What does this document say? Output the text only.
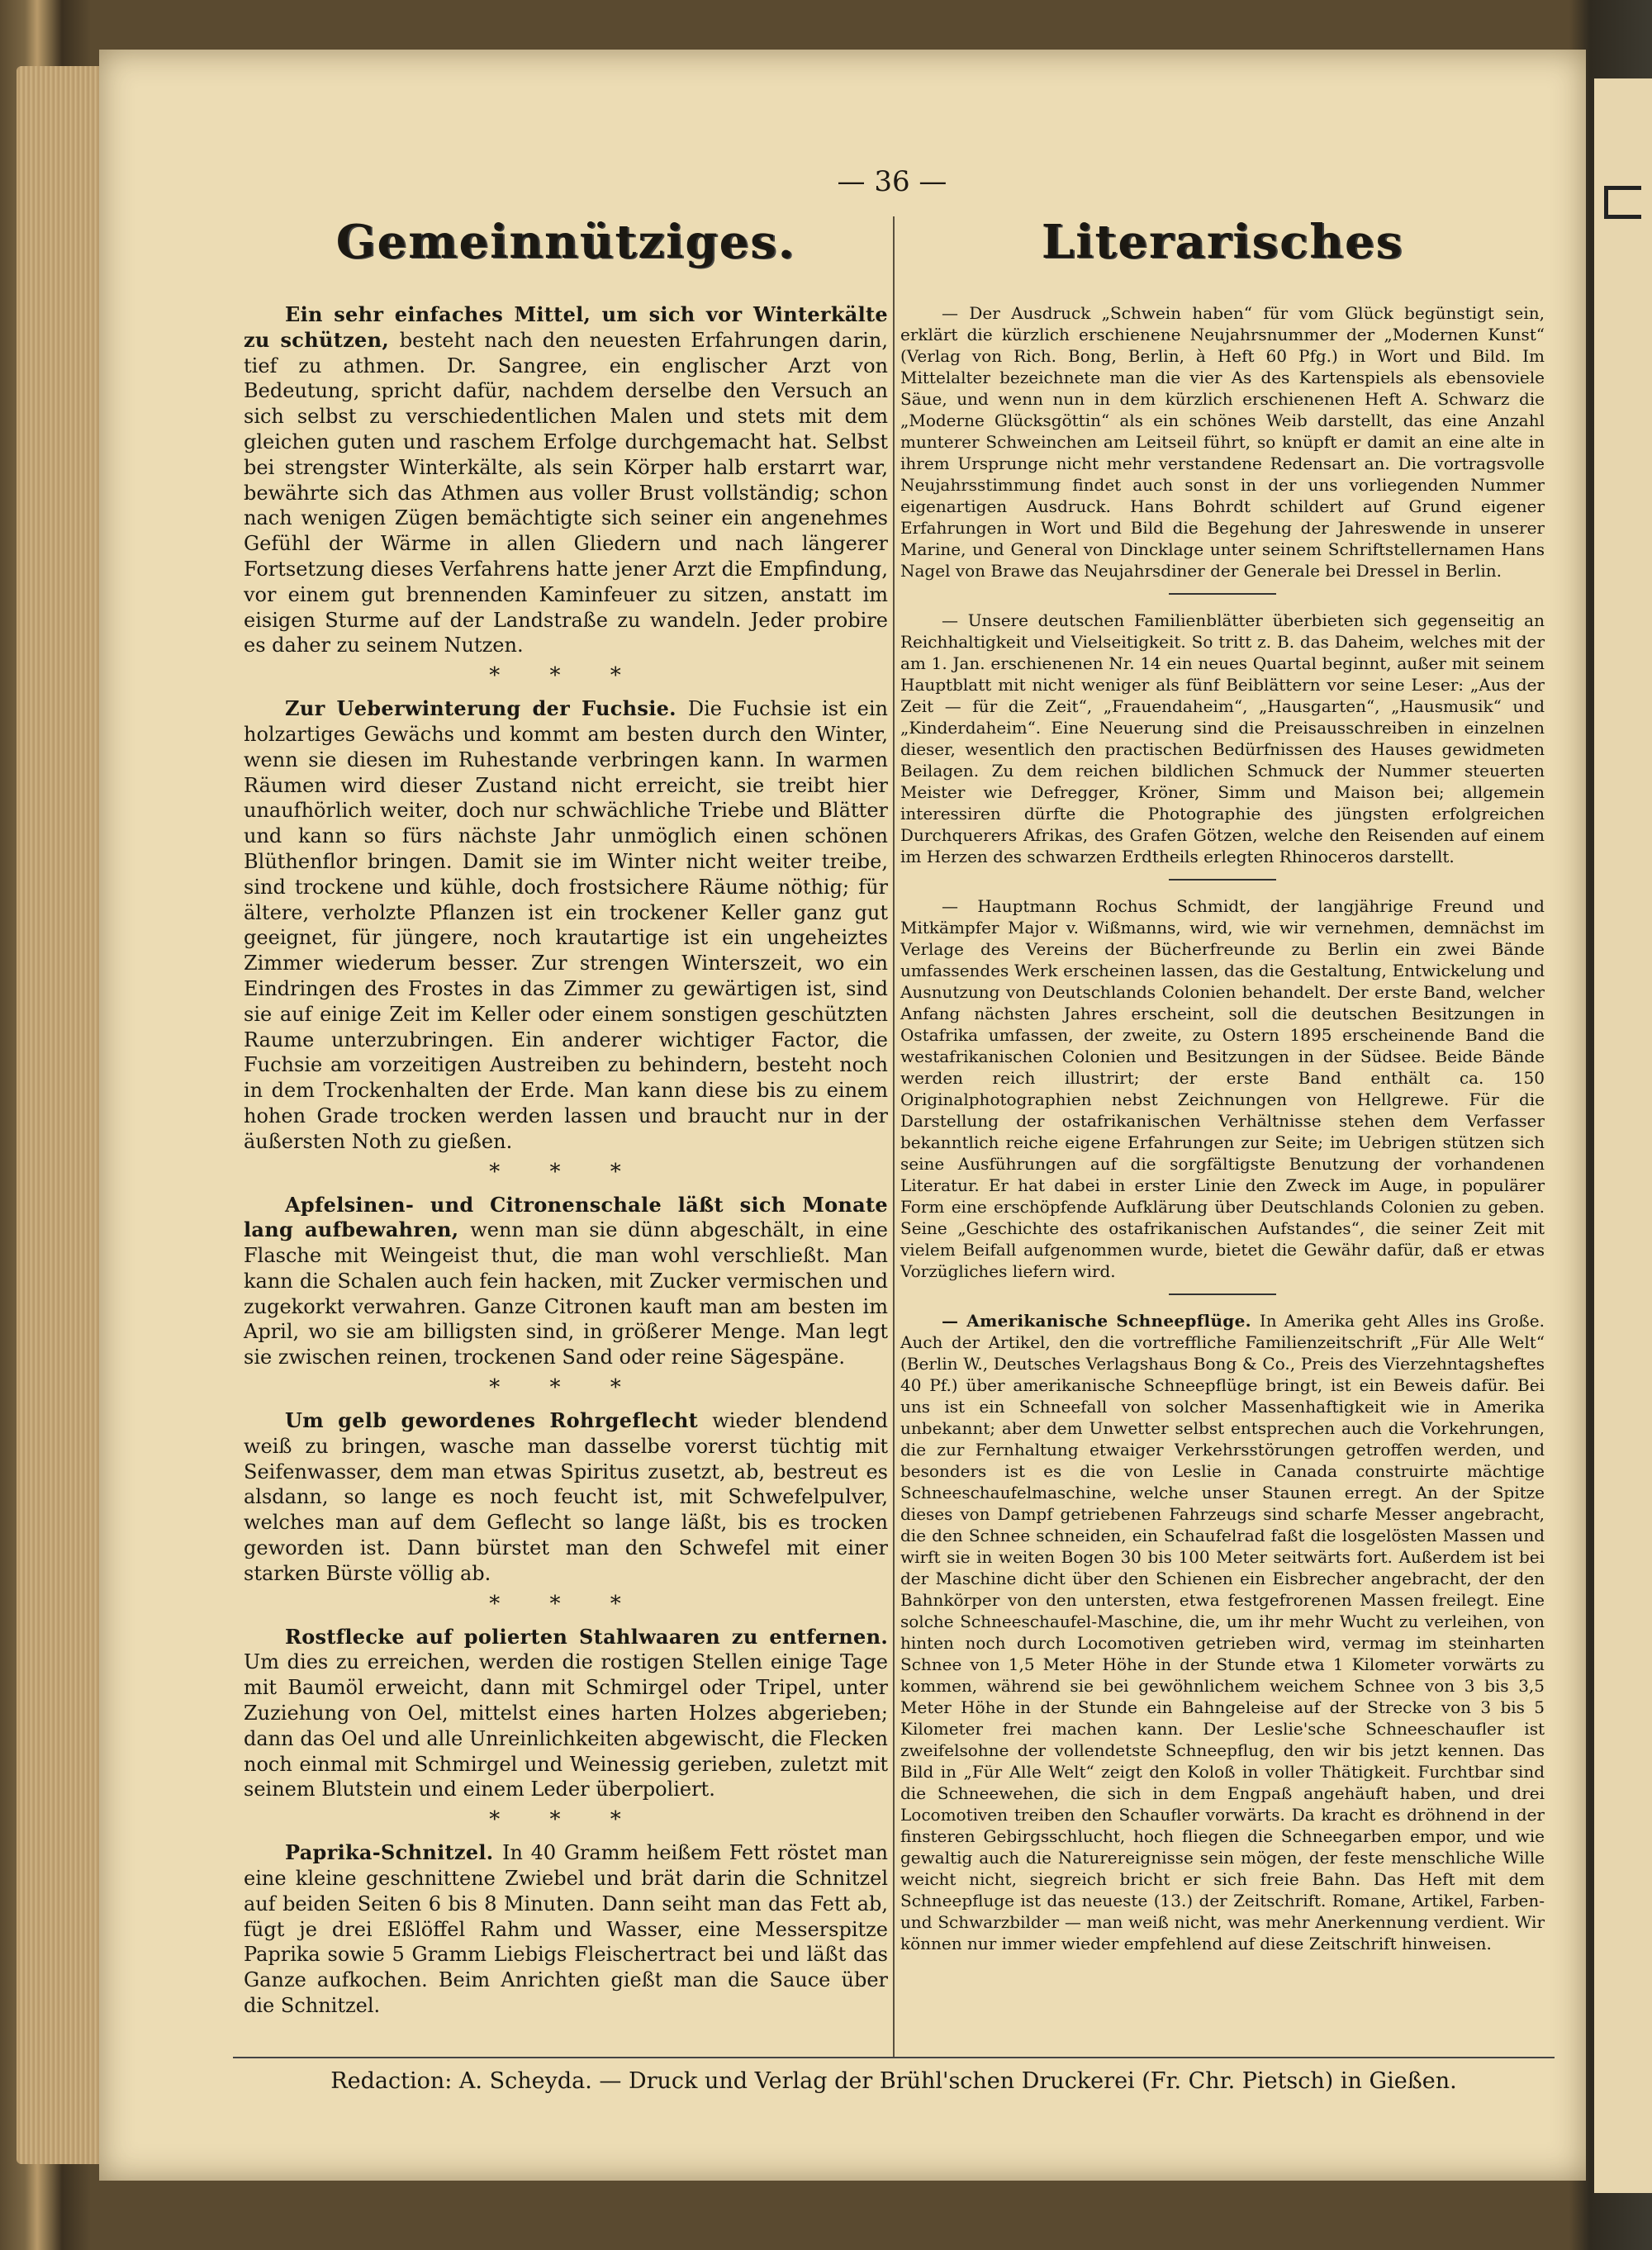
— 36 —
Gemeinnütziges.

Ein sehr einfaches Mittel, um sich vor Winterkälte zu schützen, besteht nach den neuesten Erfahrungen darin, tief zu athmen. Dr. Sangree, ein englischer Arzt von Bedeutung, spricht dafür, nachdem derselbe den Versuch an sich selbst zu verschiedentlichen Malen und stets mit dem gleichen guten und raschem Erfolge durchgemacht hat. Selbst bei strengster Winterkälte, als sein Körper halb erstarrt war, bewährte sich das Athmen aus voller Brust vollständig; schon nach wenigen Zügen bemächtigte sich seiner ein angenehmes Gefühl der Wärme in allen Gliedern und nach längerer Fortsetzung dieses Verfahrens hatte jener Arzt die Empfindung, vor einem gut brennenden Kaminfeuer zu sitzen, anstatt im eisigen Sturme auf der Landstraße zu wandeln. Jeder probire es daher zu seinem Nutzen.

* * *

Zur Ueberwinterung der Fuchsie. Die Fuchsie ist ein holzartiges Gewächs und kommt am besten durch den Winter, wenn sie diesen im Ruhestande verbringen kann. In warmen Räumen wird dieser Zustand nicht erreicht, sie treibt hier unaufhörlich weiter, doch nur schwächliche Triebe und Blätter und kann so fürs nächste Jahr unmöglich einen schönen Blüthenflor bringen. Damit sie im Winter nicht weiter treibe, sind trockene und kühle, doch frostsichere Räume nöthig; für ältere, verholzte Pflanzen ist ein trockener Keller ganz gut geeignet, für jüngere, noch krautartige ist ein ungeheiztes Zimmer wiederum besser. Zur strengen Winterszeit, wo ein Eindringen des Frostes in das Zimmer zu gewärtigen ist, sind sie auf einige Zeit im Keller oder einem sonstigen geschützten Raume unterzubringen. Ein anderer wichtiger Factor, die Fuchsie am vorzeitigen Austreiben zu behindern, besteht noch in dem Trockenhalten der Erde. Man kann diese bis zu einem hohen Grade trocken werden lassen und braucht nur in der äußersten Noth zu gießen.

* * *

Apfelsinen- und Citronenschale läßt sich Monate lang aufbewahren, wenn man sie dünn abgeschält, in eine Flasche mit Weingeist thut, die man wohl verschließt. Man kann die Schalen auch fein hacken, mit Zucker vermischen und zugekorkt verwahren. Ganze Citronen kauft man am besten im April, wo sie am billigsten sind, in größerer Menge. Man legt sie zwischen reinen, trockenen Sand oder reine Sägespäne.

* * *

Um gelb gewordenes Rohrgeflecht wieder blendend weiß zu bringen, wasche man dasselbe vorerst tüchtig mit Seifenwasser, dem man etwas Spiritus zusetzt, ab, bestreut es alsdann, so lange es noch feucht ist, mit Schwefelpulver, welches man auf dem Geflecht so lange läßt, bis es trocken geworden ist. Dann bürstet man den Schwefel mit einer starken Bürste völlig ab.

* * *

Rostflecke auf polierten Stahlwaaren zu entfernen. Um dies zu erreichen, werden die rostigen Stellen einige Tage mit Baumöl erweicht, dann mit Schmirgel oder Tripel, unter Zuziehung von Oel, mittelst eines harten Holzes abgerieben; dann das Oel und alle Unreinlichkeiten abgewischt, die Flecken noch einmal mit Schmirgel und Weinessig gerieben, zuletzt mit seinem Blutstein und einem Leder überpoliert.

* * *

Paprika-Schnitzel. In 40 Gramm heißem Fett röstet man eine kleine geschnittene Zwiebel und brät darin die Schnitzel auf beiden Seiten 6 bis 8 Minuten. Dann seiht man das Fett ab, fügt je drei Eßlöffel Rahm und Wasser, eine Messerspitze Paprika sowie 5 Gramm Liebigs Fleischertract bei und läßt das Ganze aufkochen. Beim Anrichten gießt man die Sauce über die Schnitzel.

Literarisches

— Der Ausdruck „Schwein haben“ für vom Glück begünstigt sein, erklärt die kürzlich erschienene Neujahrsnummer der „Modernen Kunst“ (Verlag von Rich. Bong, Berlin, à Heft 60 Pfg.) in Wort und Bild. Im Mittelalter bezeichnete man die vier As des Kartenspiels als ebensoviele Säue, und wenn nun in dem kürzlich erschienenen Heft A. Schwarz die „Moderne Glücksgöttin“ als ein schönes Weib darstellt, das eine Anzahl munterer Schweinchen am Leitseil führt, so knüpft er damit an eine alte in ihrem Ursprunge nicht mehr verstandene Redensart an. Die vortragsvolle Neujahrsstimmung findet auch sonst in der uns vorliegenden Nummer eigenartigen Ausdruck. Hans Bohrdt schildert auf Grund eigener Erfahrungen in Wort und Bild die Begehung der Jahreswende in unserer Marine, und General von Dincklage unter seinem Schriftstellernamen Hans Nagel von Brawe das Neujahrsdiner der Generale bei Dressel in Berlin.

— Unsere deutschen Familienblätter überbieten sich gegenseitig an Reichhaltigkeit und Vielseitigkeit. So tritt z. B. das Daheim, welches mit der am 1. Jan. erschienenen Nr. 14 ein neues Quartal beginnt, außer mit seinem Hauptblatt mit nicht weniger als fünf Beiblättern vor seine Leser: „Aus der Zeit — für die Zeit“, „Frauendaheim“, „Hausgarten“, „Hausmusik“ und „Kinderdaheim“. Eine Neuerung sind die Preisausschreiben in einzelnen dieser, wesentlich den practischen Bedürfnissen des Hauses gewidmeten Beilagen. Zu dem reichen bildlichen Schmuck der Nummer steuerten Meister wie Defregger, Kröner, Simm und Maison bei; allgemein interessiren dürfte die Photographie des jüngsten erfolgreichen Durchquerers Afrikas, des Grafen Götzen, welche den Reisenden auf einem im Herzen des schwarzen Erdtheils erlegten Rhinoceros darstellt.

— Hauptmann Rochus Schmidt, der langjährige Freund und Mitkämpfer Major v. Wißmanns, wird, wie wir vernehmen, demnächst im Verlage des Vereins der Bücherfreunde zu Berlin ein zwei Bände umfassendes Werk erscheinen lassen, das die Gestaltung, Entwickelung und Ausnutzung von Deutschlands Colonien behandelt. Der erste Band, welcher Anfang nächsten Jahres erscheint, soll die deutschen Besitzungen in Ostafrika umfassen, der zweite, zu Ostern 1895 erscheinende Band die westafrikanischen Colonien und Besitzungen in der Südsee. Beide Bände werden reich illustrirt; der erste Band enthält ca. 150 Originalphotographien nebst Zeichnungen von Hellgrewe. Für die Darstellung der ostafrikanischen Verhältnisse stehen dem Verfasser bekanntlich reiche eigene Erfahrungen zur Seite; im Uebrigen stützen sich seine Ausführungen auf die sorgfältigste Benutzung der vorhandenen Literatur. Er hat dabei in erster Linie den Zweck im Auge, in populärer Form eine erschöpfende Aufklärung über Deutschlands Colonien zu geben. Seine „Geschichte des ostafrikanischen Aufstandes“, die seiner Zeit mit vielem Beifall aufgenommen wurde, bietet die Gewähr dafür, daß er etwas Vorzügliches liefern wird.

— Amerikanische Schneepflüge. In Amerika geht Alles ins Große. Auch der Artikel, den die vortreffliche Familienzeitschrift „Für Alle Welt“ (Berlin W., Deutsches Verlagshaus Bong & Co., Preis des Vierzehntagsheftes 40 Pf.) über amerikanische Schneepflüge bringt, ist ein Beweis dafür. Bei uns ist ein Schneefall von solcher Massenhaftigkeit wie in Amerika unbekannt; aber dem Unwetter selbst entsprechen auch die Vorkehrungen, die zur Fernhaltung etwaiger Verkehrsstörungen getroffen werden, und besonders ist es die von Leslie in Canada construirte mächtige Schneeschaufelmaschine, welche unser Staunen erregt. An der Spitze dieses von Dampf getriebenen Fahrzeugs sind scharfe Messer angebracht, die den Schnee schneiden, ein Schaufelrad faßt die losgelösten Massen und wirft sie in weiten Bogen 30 bis 100 Meter seitwärts fort. Außerdem ist bei der Maschine dicht über den Schienen ein Eisbrecher angebracht, der den Bahnkörper von den untersten, etwa festgefrorenen Massen freilegt. Eine solche Schneeschaufel-Maschine, die, um ihr mehr Wucht zu verleihen, von hinten noch durch Locomotiven getrieben wird, vermag im steinharten Schnee von 1,5 Meter Höhe in der Stunde etwa 1 Kilometer vorwärts zu kommen, während sie bei gewöhnlichem weichem Schnee von 3 bis 3,5 Meter Höhe in der Stunde ein Bahngeleise auf der Strecke von 3 bis 5 Kilometer frei machen kann. Der Leslie'sche Schneeschaufler ist zweifelsohne der vollendetste Schneepflug, den wir bis jetzt kennen. Das Bild in „Für Alle Welt“ zeigt den Koloß in voller Thätigkeit. Furchtbar sind die Schneewehen, die sich in dem Engpaß angehäuft haben, und drei Locomotiven treiben den Schaufler vorwärts. Da kracht es dröhnend in der finsteren Gebirgsschlucht, hoch fliegen die Schneegarben empor, und wie gewaltig auch die Naturereignisse sein mögen, der feste menschliche Wille weicht nicht, siegreich bricht er sich freie Bahn. Das Heft mit dem Schneepfluge ist das neueste (13.) der Zeitschrift. Romane, Artikel, Farben- und Schwarzbilder — man weiß nicht, was mehr Anerkennung verdient. Wir können nur immer wieder empfehlend auf diese Zeitschrift hinweisen.

Redaction: A. Scheyda. — Druck und Verlag der Brühl'schen Druckerei (Fr. Chr. Pietsch) in Gießen.
